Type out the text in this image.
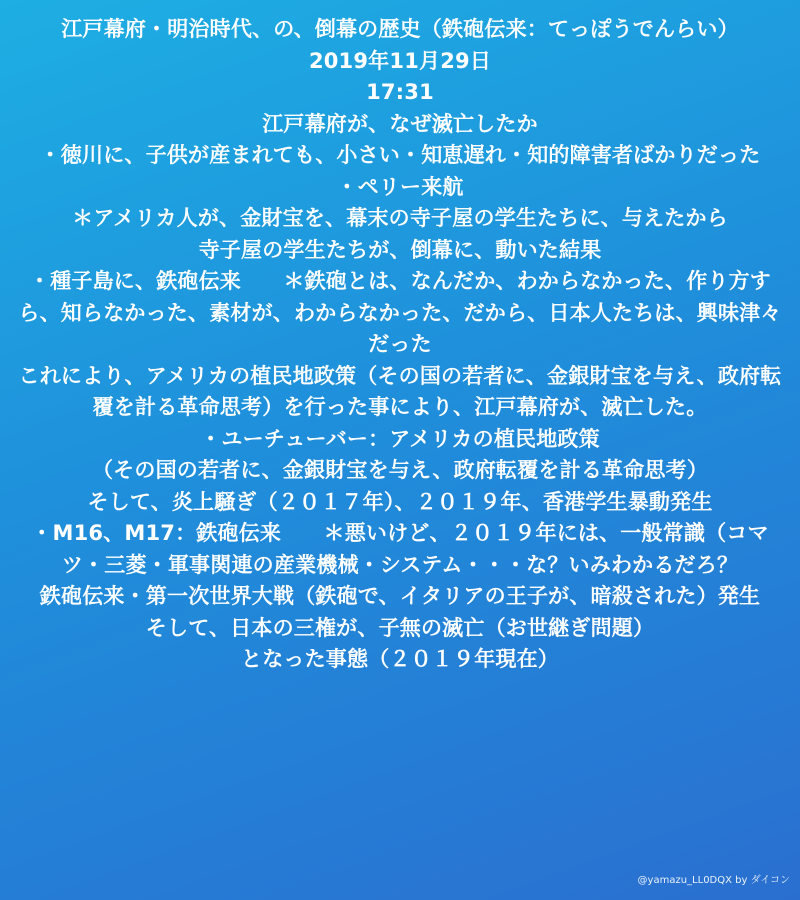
江戸幕府・明治時代、の、倒幕の歴史（鉄砲伝来：てっぽうでんらい）
2019年11月29日
17:31
江戸幕府が、なぜ滅亡したか
・徳川に、子供が産まれても、小さい・知恵遅れ・知的障害者ばかりだった
・ペリー来航
＊アメリカ人が、金財宝を、幕末の寺子屋の学生たちに、与えたから
寺子屋の学生たちが、倒幕に、動いた結果
・種子島に、鉄砲伝来　　＊鉄砲とは、なんだか、わからなかった、作り方すら、知らなかった、素材が、わからなかった、だから、日本人たちは、興味津々だった
これにより、アメリカの植民地政策（その国の若者に、金銀財宝を与え、政府転覆を計る革命思考）を行った事により、江戸幕府が、滅亡した。
・ユーチューバー：アメリカの植民地政策
（その国の若者に、金銀財宝を与え、政府転覆を計る革命思考）
そして、炎上騒ぎ（２０１７年）、２０１９年、香港学生暴動発生
・M16、M17：鉄砲伝来　　＊悪いけど、２０１９年には、一般常識（コマツ・三菱・軍事関連の産業機械・システム・・・な？いみわかるだろ？
鉄砲伝来・第一次世界大戦（鉄砲で、イタリアの王子が、暗殺された）発生
そして、日本の三権が、子無の滅亡（お世継ぎ問題）
となった事態（２０１９年現在）
@yamazu_LL0DQX by ダイコン
